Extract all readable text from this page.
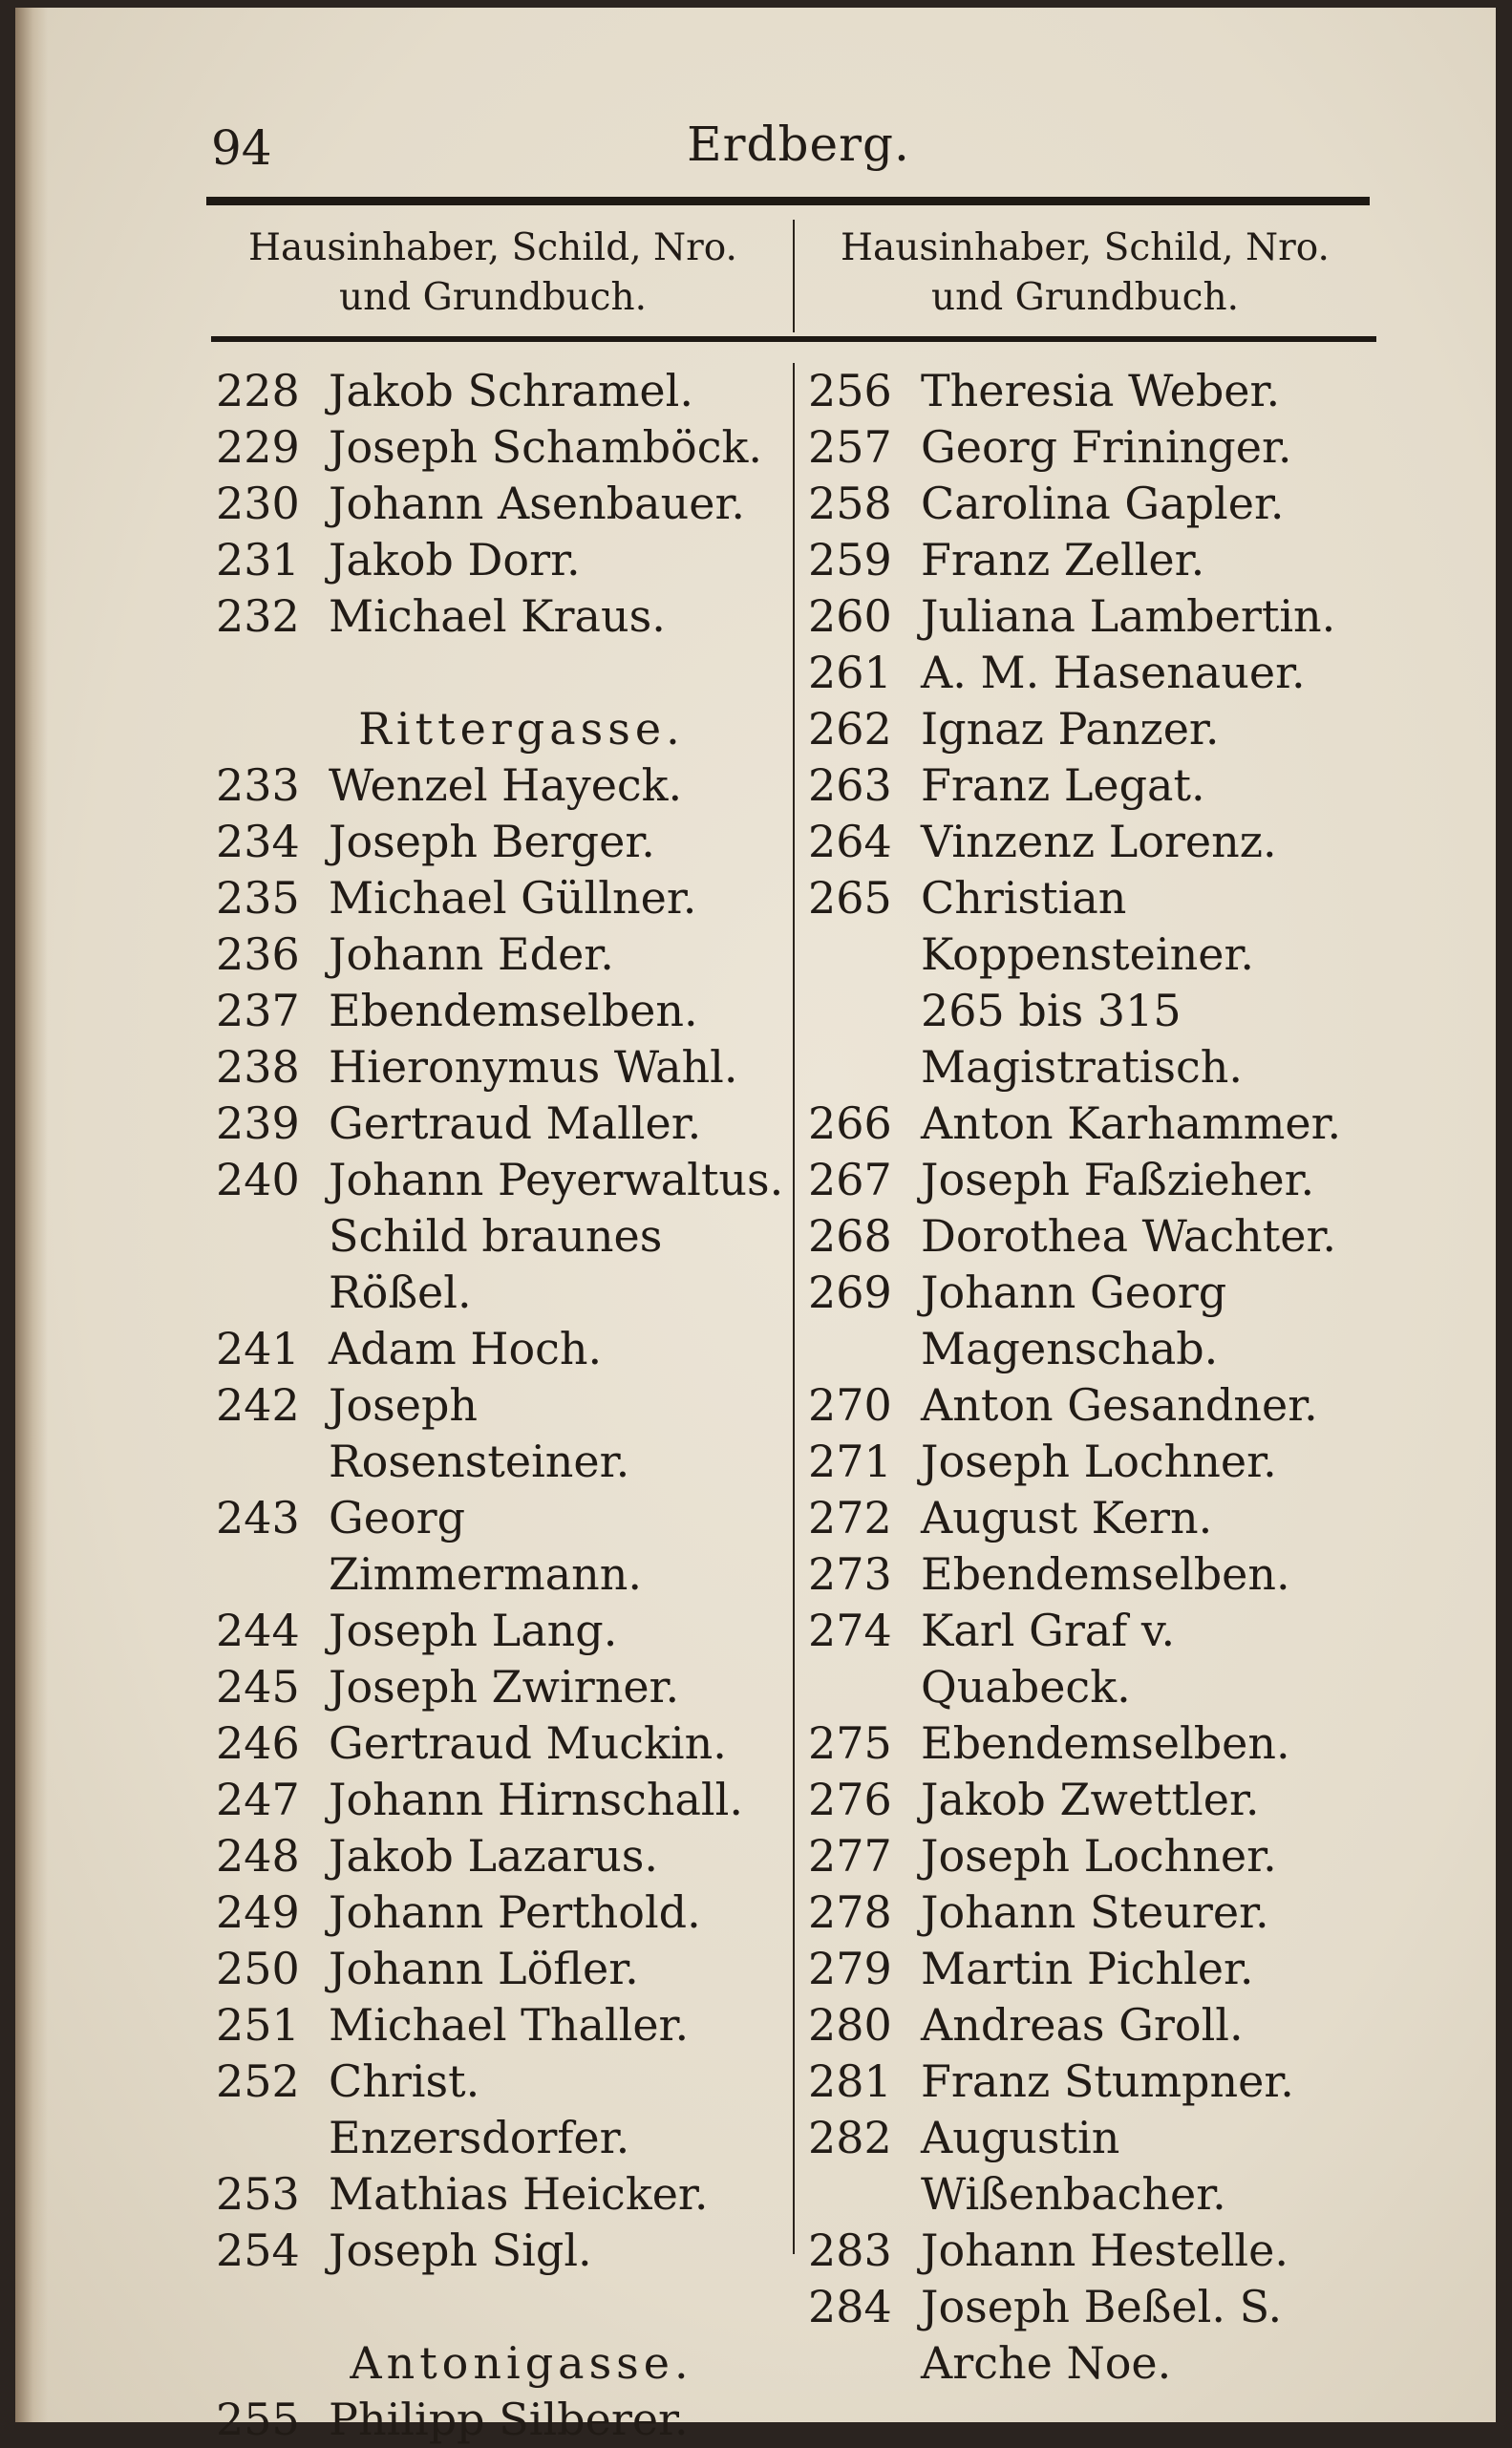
94	Erdberg.
Hausinhaber, Schild, Nro.
und Grundbuch.
Hausinhaber, Schild, Nro.
und Grundbuch.
228 Jakob Schramel.
229 Joseph Schamböck.
230 Johann Asenbauer.
231 Jakob Dorr.
232 Michael Kraus.
Rittergasse.
233 Wenzel Hayeck.
234 Joseph Berger.
235 Michael Güllner.
236 Johann Eder.
237 Ebendemselben.
238 Hieronymus Wahl.
239 Gertraud Maller.
240 Johann Peyerwaltus. Schild braunes Rößel.
241 Adam Hoch.
242 Joseph Rosensteiner.
243 Georg Zimmermann.
244 Joseph Lang.
245 Joseph Zwirner.
246 Gertraud Muckin.
247 Johann Hirnschall.
248 Jakob Lazarus.
249 Johann Perthold.
250 Johann Löfler.
251 Michael Thaller.
252 Christ. Enzersdorfer.
253 Mathias Heicker.
254 Joseph Sigl.
Antonigasse.
255 Philipp Silberer.
256 Theresia Weber.
257 Georg Frininger.
258 Carolina Gapler.
259 Franz Zeller.
260 Juliana Lambertin.
261 A. M. Hasenauer.
262 Ignaz Panzer.
263 Franz Legat.
264 Vinzenz Lorenz.
265 Christian Koppensteiner.
265 bis 315 Magistratisch.
266 Anton Karhammer.
267 Joseph Faßzieher.
268 Dorothea Wachter.
269 Johann Georg Magenschab.
270 Anton Gesandner.
271 Joseph Lochner.
272 August Kern.
273 Ebendemselben.
274 Karl Graf v. Quabeck.
275 Ebendemselben.
276 Jakob Zwettler.
277 Joseph Lochner.
278 Johann Steurer.
279 Martin Pichler.
280 Andreas Groll.
281 Franz Stumpner.
282 Augustin Wißenbacher.
283 Johann Hestelle.
284 Joseph Beßel. S. Arche Noe.
